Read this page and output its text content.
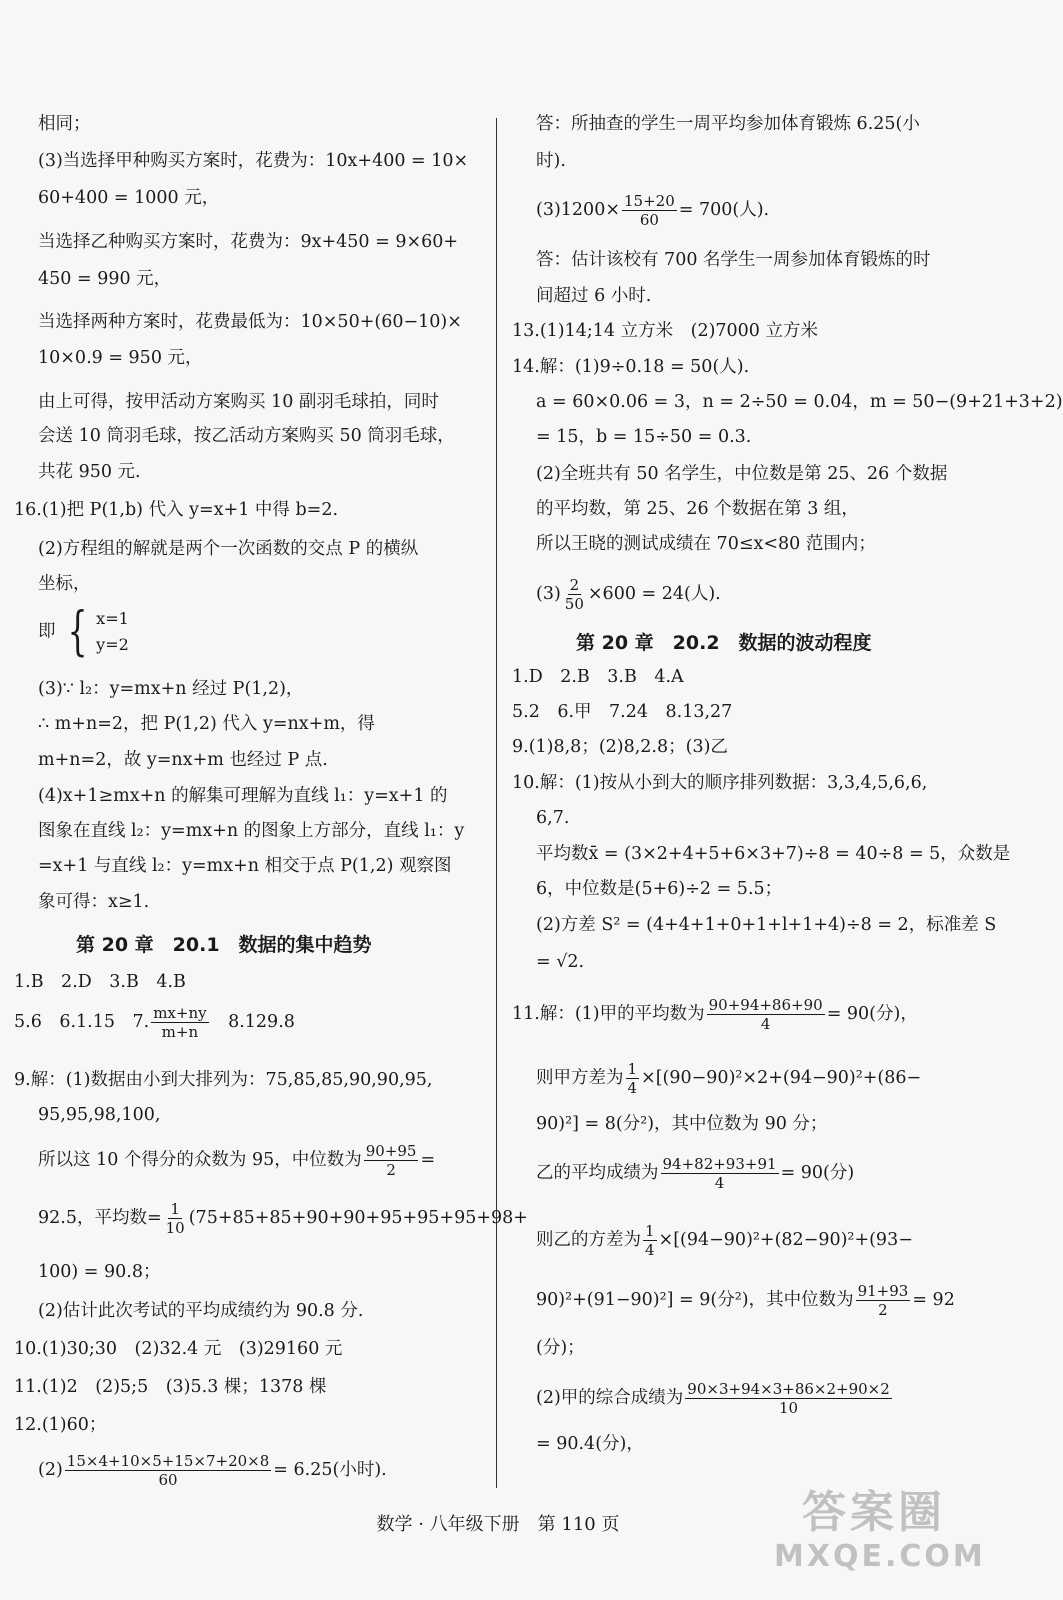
相同；

(3)当选择甲种购买方案时，花费为：10x+400 = 10×

60+400 = 1000 元，

当选择乙种购买方案时，花费为：9x+450 = 9×60+

450 = 990 元，

当选择两种方案时，花费最低为：10×50+(60−10)×

10×0.9 = 950 元，

由上可得，按甲活动方案购买 10 副羽毛球拍，同时

会送 10 筒羽毛球，按乙活动方案购买 50 筒羽毛球，

共花 950 元.

16.(1)把 P(1,b) 代入 y=x+1 中得 b=2.

(2)方程组的解就是两个一次函数的交点 P 的横纵

坐标，

即 { x=1
y=2

(3)∵ l₂：y=mx+n 经过 P(1,2)，

∴ m+n=2，把 P(1,2) 代入 y=nx+m，得

m+n=2，故 y=nx+m 也经过 P 点.

(4)x+1≥mx+n 的解集可理解为直线 l₁：y=x+1 的

图象在直线 l₂：y=mx+n 的图象上方部分，直线 l₁：y

=x+1 与直线 l₂：y=mx+n 相交于点 P(1,2) 观察图

象可得：x≥1.

第 20 章　20.1　数据的集中趋势

1.B　2.D　3.B　4.B

5.6　6.1.15　7. $\frac{mx+ny}{m+n}$ 　8.129.8

9.解：(1)数据由小到大排列为：75,85,85,90,90,95,

95,95,98,100,

所以这 10 个得分的众数为 95，中位数为 $\frac{90+95}{2}$ =
92.5，平均数= $\frac{1}{10} (75+85+85+90+90+95+95+95+98+$

100) = 90.8；

(2)估计此次考试的平均成绩约为 90.8 分.

10.(1)30;30　(2)32.4 元　(3)29160 元

11.(1)2　(2)5;5　(3)5.3 棵；1378 棵

12.(1)60；

$(2) \frac{15\times 4+10\times 5+15\times 7+20\times 8}{60} = 6.25$(小时).

答：所抽查的学生一周平均参加体育锻炼 6.25(小

时).

$(3)1200\times \frac{15+20}{60} = 700$(人).

答：估计该校有 700 名学生一周参加体育锻炼的时

间超过 6 小时.

13.(1)14;14 立方米　(2)7000 立方米

14.解：(1)9÷0.18 = 50(人).

a = 60×0.06 = 3，n = 2÷50 = 0.04，m = 50−(9+21+3+2)

= 15，b = 15÷50 = 0.3.

(2)全班共有 50 名学生，中位数是第 25、26 个数据

的平均数，第 25、26 个数据在第 3 组，

所以王晓的测试成绩在 70≤x<80 范围内；

$(3) \frac{2}{50} \times 600 = 24$(人).
第 20 章　20.2　数据的波动程度

1.D　2.B　3.B　4.A

5.2　6.甲　7.24　8.13,27

9.(1)8,8；(2)8,2.8；(3)乙

10.解：(1)按从小到大的顺序排列数据：3,3,4,5,6,6,

6,7.

平均数x̄ = (3×2+4+5+6×3+7)÷8 = 40÷8 = 5，众数是

6，中位数是(5+6)÷2 = 5.5；

(2)方差 S² = (4+4+1+0+1+l+1+4)÷8 = 2，标准差 S

= √2.

11.解：(1)甲的平均数为 $\frac{90+94+86+90}{4} = 90$(分)，
则甲方差为 $\frac{1}{4} \times[(90-90)^2\times 2+(94-90)^2+(86-$

90)²] = 8(分²)，其中位数为 90 分；

乙的平均成绩为 $\frac{94+82+93+91}{4} = 90$(分)
则乙的方差为 $\frac{1}{4} \times[(94-90)^2+(82-90)^2+(93-$
90)²+(91−90)²] = 9(分²)，其中位数为 $\frac{91+93}{2} = 92$

(分)；

(2)甲的综合成绩为 $\frac{90\times 3+94\times 3+86\times 2+90\times 2}{10}$

= 90.4(分)，

数学 · 八年级下册　第 110 页	答案圈
MXQE.COM
